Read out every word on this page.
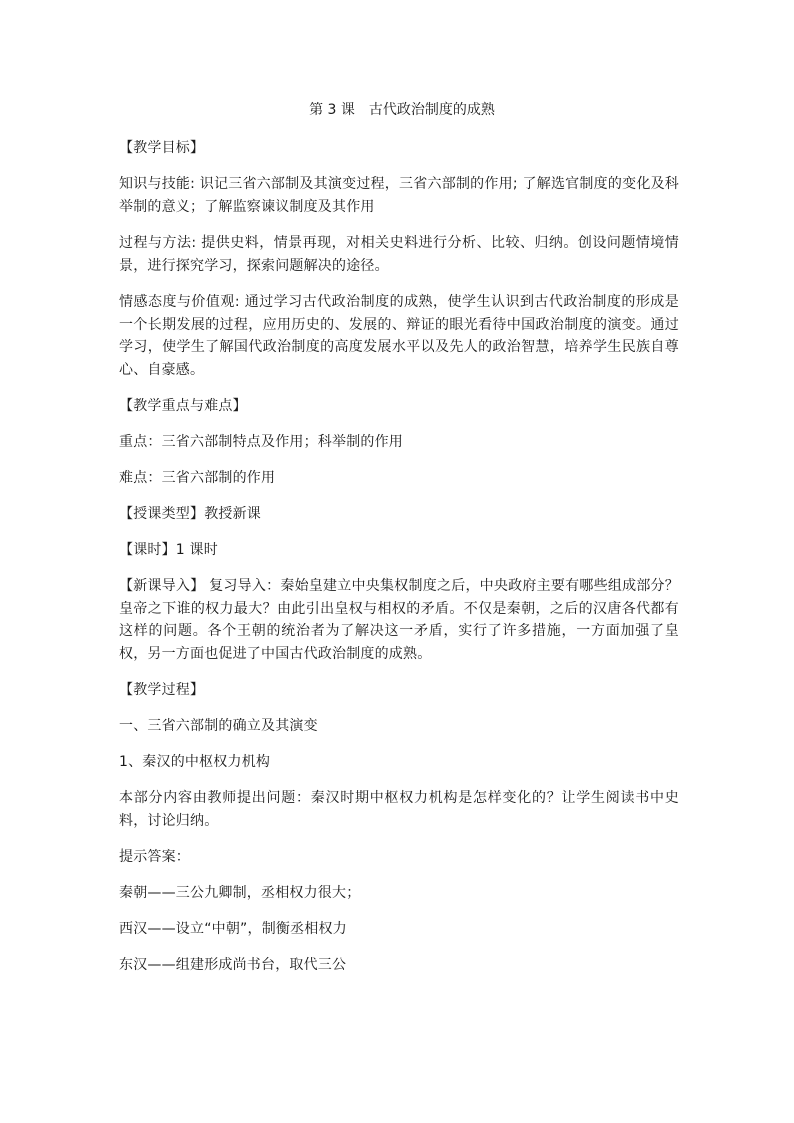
第 3 课　古代政治制度的成熟

【教学目标】

知识与技能: 识记三省六部制及其演变过程，三省六部制的作用; 了解选官制度的变化及科举制的意义；了解监察谏议制度及其作用

过程与方法: 提供史料，情景再现，对相关史料进行分析、比较、归纳。创设问题情境情景，进行探究学习，探索问题解决的途径。

情感态度与价值观: 通过学习古代政治制度的成熟，使学生认识到古代政治制度的形成是一个长期发展的过程，应用历史的、发展的、辩证的眼光看待中国政治制度的演变。通过学习，使学生了解国代政治制度的高度发展水平以及先人的政治智慧，培养学生民族自尊心、自豪感。

【教学重点与难点】

重点：三省六部制特点及作用；科举制的作用

难点：三省六部制的作用

【授课类型】教授新课

【课时】1 课时

【新课导入】 复习导入：秦始皇建立中央集权制度之后，中央政府主要有哪些组成部分？皇帝之下谁的权力最大？由此引出皇权与相权的矛盾。不仅是秦朝，之后的汉唐各代都有这样的问题。各个王朝的统治者为了解决这一矛盾，实行了许多措施，一方面加强了皇权，另一方面也促进了中国古代政治制度的成熟。

【教学过程】

一、三省六部制的确立及其演变

1、秦汉的中枢权力机构

本部分内容由教师提出问题：秦汉时期中枢权力机构是怎样变化的？让学生阅读书中史料，讨论归纳。

提示答案：

秦朝——三公九卿制，丞相权力很大；

西汉——设立“中朝”，制衡丞相权力

东汉——组建形成尚书台，取代三公
